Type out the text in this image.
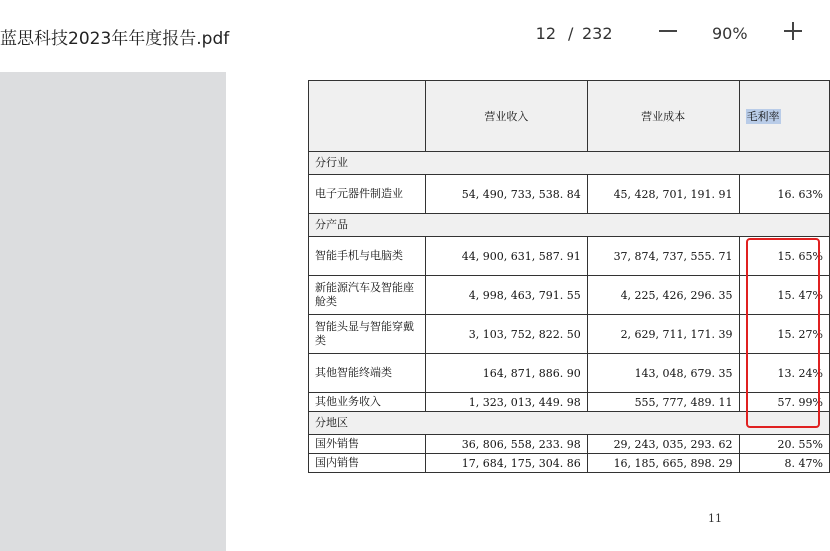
蓝思科技2023年年度报告.pdf	12 / 232	90%
	营业收入	营业成本	毛利率
分行业			
电子元器件制造业	54, 490, 733, 538. 84	45, 428, 701, 191. 91	16. 63%
分产品			
智能手机与电脑类	44, 900, 631, 587. 91	37, 874, 737, 555. 71	15. 65%
新能源汽车及智能座舱类	4, 998, 463, 791. 55	4, 225, 426, 296. 35	15. 47%
智能头显与智能穿戴类	3, 103, 752, 822. 50	2, 629, 711, 171. 39	15. 27%
其他智能终端类	164, 871, 886. 90	143, 048, 679. 35	13. 24%
其他业务收入	1, 323, 013, 449. 98	555, 777, 489. 11	57. 99%
分地区			
国外销售	36, 806, 558, 233. 98	29, 243, 035, 293. 62	20. 55%
国内销售	17, 684, 175, 304. 86	16, 185, 665, 898. 29	8. 47%
11
